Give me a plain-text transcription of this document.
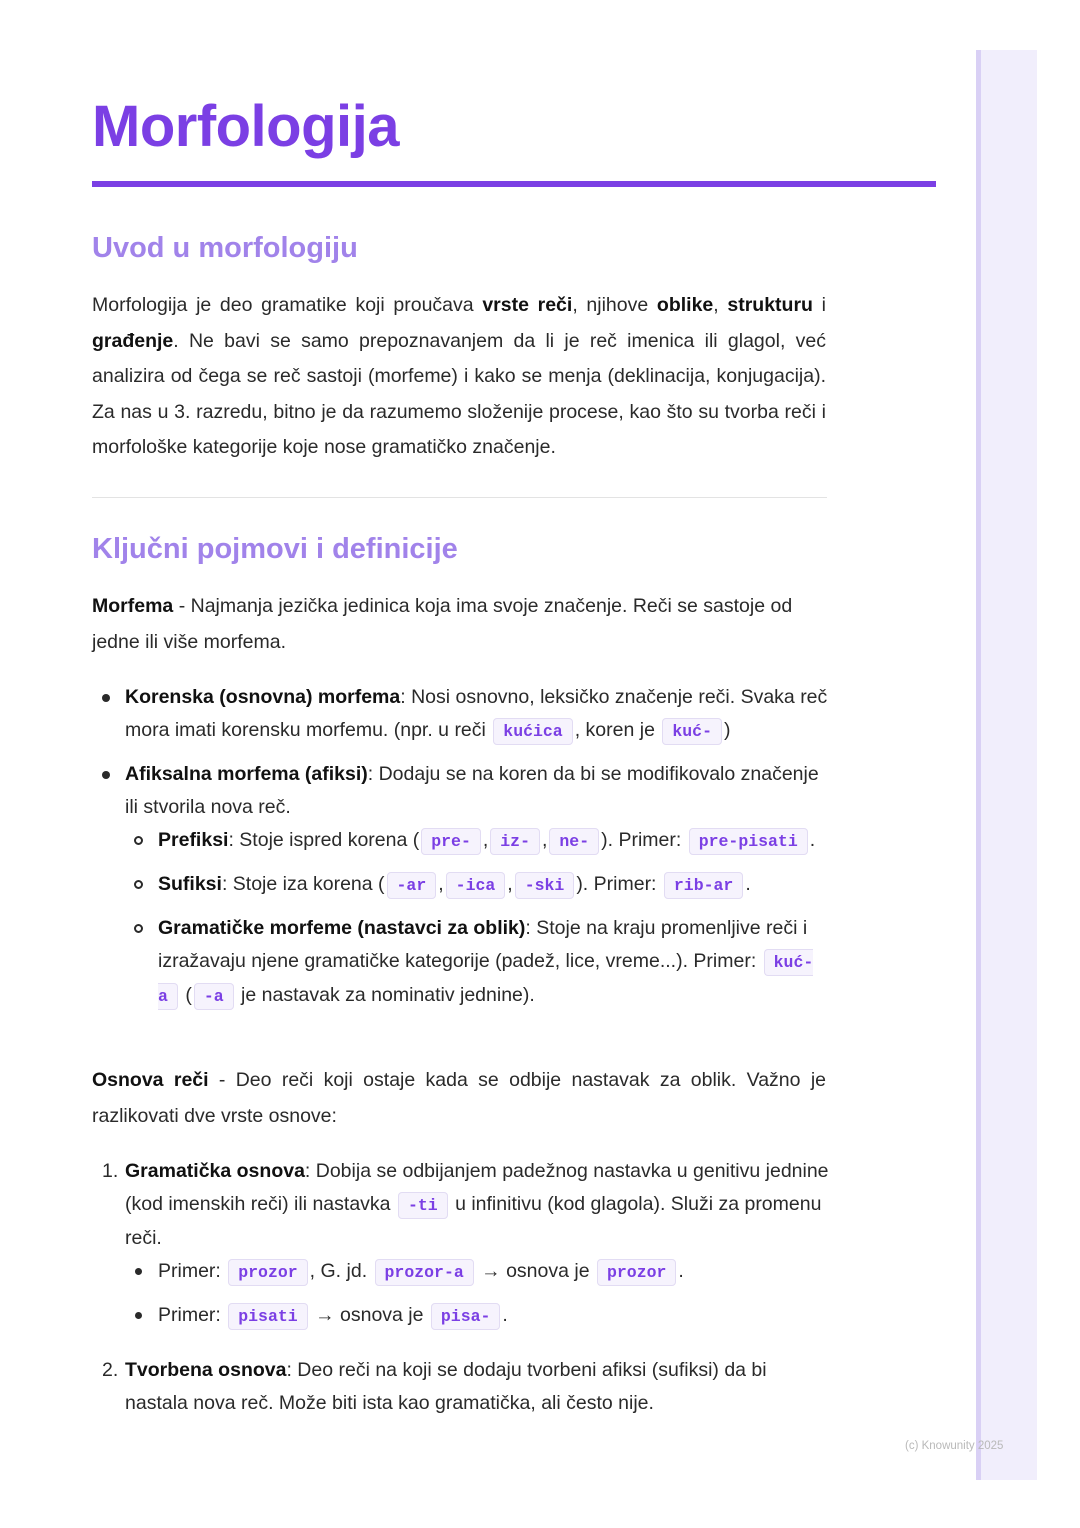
Morfologija
Uvod u morfologiju

Morfologija je deo gramatike koji proučava vrste reči, njihove oblike, strukturu i građenje. Ne bavi se samo prepoznavanjem da li je reč imenica ili glagol, već analizira od čega se reč sastoji (morfeme) i kako se menja (deklinacija, konjugacija). Za nas u 3. razredu, bitno je da razumemo složenije procese, kao što su tvorba reči i morfološke kategorije koje nose gramatičko značenje.

Ključni pojmovi i definicije

Morfema - Najmanja jezička jedinica koja ima svoje značenje. Reči se sastoje od jedne ili više morfema.

Korenska (osnovna) morfema: Nosi osnovno, leksičko značenje reči. Svaka reč mora imati korensku morfemu. (npr. u reči kućica , koren je kuć- )
Afiksalna morfema (afiksi): Dodaju se na koren da bi se modifikovalo značenje ili stvorila nova reč.
Prefiksi: Stoje ispred korena ( pre- , iz- , ne- ). Primer: pre-pisati .
Sufiksi: Stoje iza korena ( -ar , -ica , -ski ). Primer: rib-ar .
Gramatičke morfeme (nastavci za oblik): Stoje na kraju promenljive reči i izražavaju njene gramatičke kategorije (padež, lice, vreme...). Primer: kuć-a ( -a je nastavak za nominativ jednine).

Osnova reči - Deo reči koji ostaje kada se odbije nastavak za oblik. Važno je razlikovati dve vrste osnove:

1. Gramatička osnova: Dobija se odbijanjem padežnog nastavka u genitivu jednine (kod imenskih reči) ili nastavka -ti u infinitivu (kod glagola). Služi za promenu reči.
Primer: prozor , G. jd. prozor-a → osnova je prozor .
Primer: pisati → osnova je pisa- .
2. Tvorbena osnova: Deo reči na koji se dodaju tvorbeni afiksi (sufiksi) da bi nastala nova reč. Može biti ista kao gramatička, ali često nije.
(c) Knowunity 2025
